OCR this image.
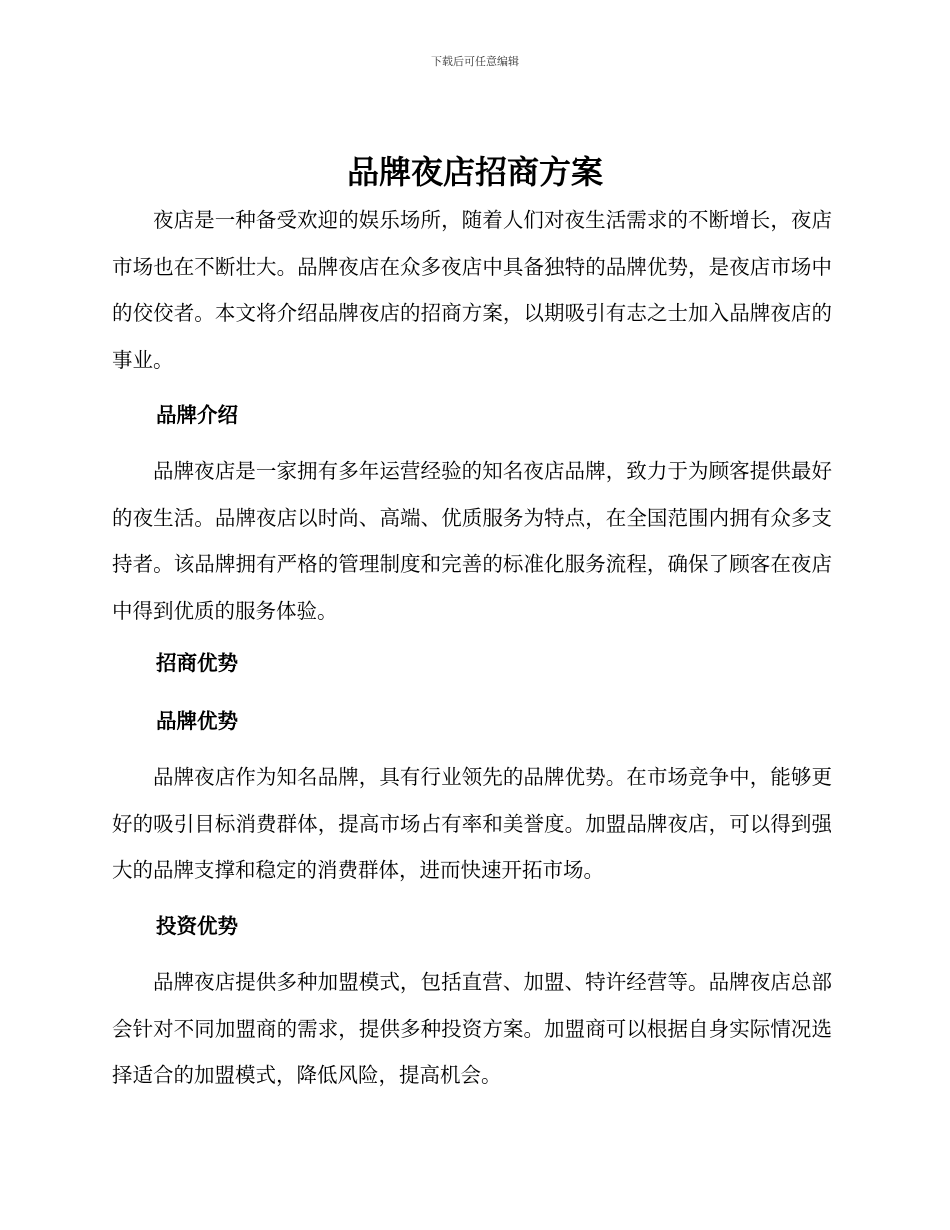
下载后可任意编辑
品牌夜店招商方案

夜店是一种备受欢迎的娱乐场所，随着人们对夜生活需求的不断增长，夜店市场也在不断壮大。品牌夜店在众多夜店中具备独特的品牌优势，是夜店市场中的佼佼者。本文将介绍品牌夜店的招商方案，以期吸引有志之士加入品牌夜店的事业。

品牌介绍

品牌夜店是一家拥有多年运营经验的知名夜店品牌，致力于为顾客提供最好的夜生活。品牌夜店以时尚、高端、优质服务为特点，在全国范围内拥有众多支持者。该品牌拥有严格的管理制度和完善的标准化服务流程，确保了顾客在夜店中得到优质的服务体验。

招商优势
品牌优势

品牌夜店作为知名品牌，具有行业领先的品牌优势。在市场竞争中，能够更好的吸引目标消费群体，提高市场占有率和美誉度。加盟品牌夜店，可以得到强大的品牌支撑和稳定的消费群体，进而快速开拓市场。

投资优势

品牌夜店提供多种加盟模式，包括直营、加盟、特许经营等。品牌夜店总部会针对不同加盟商的需求，提供多种投资方案。加盟商可以根据自身实际情况选择适合的加盟模式，降低风险，提高机会。
